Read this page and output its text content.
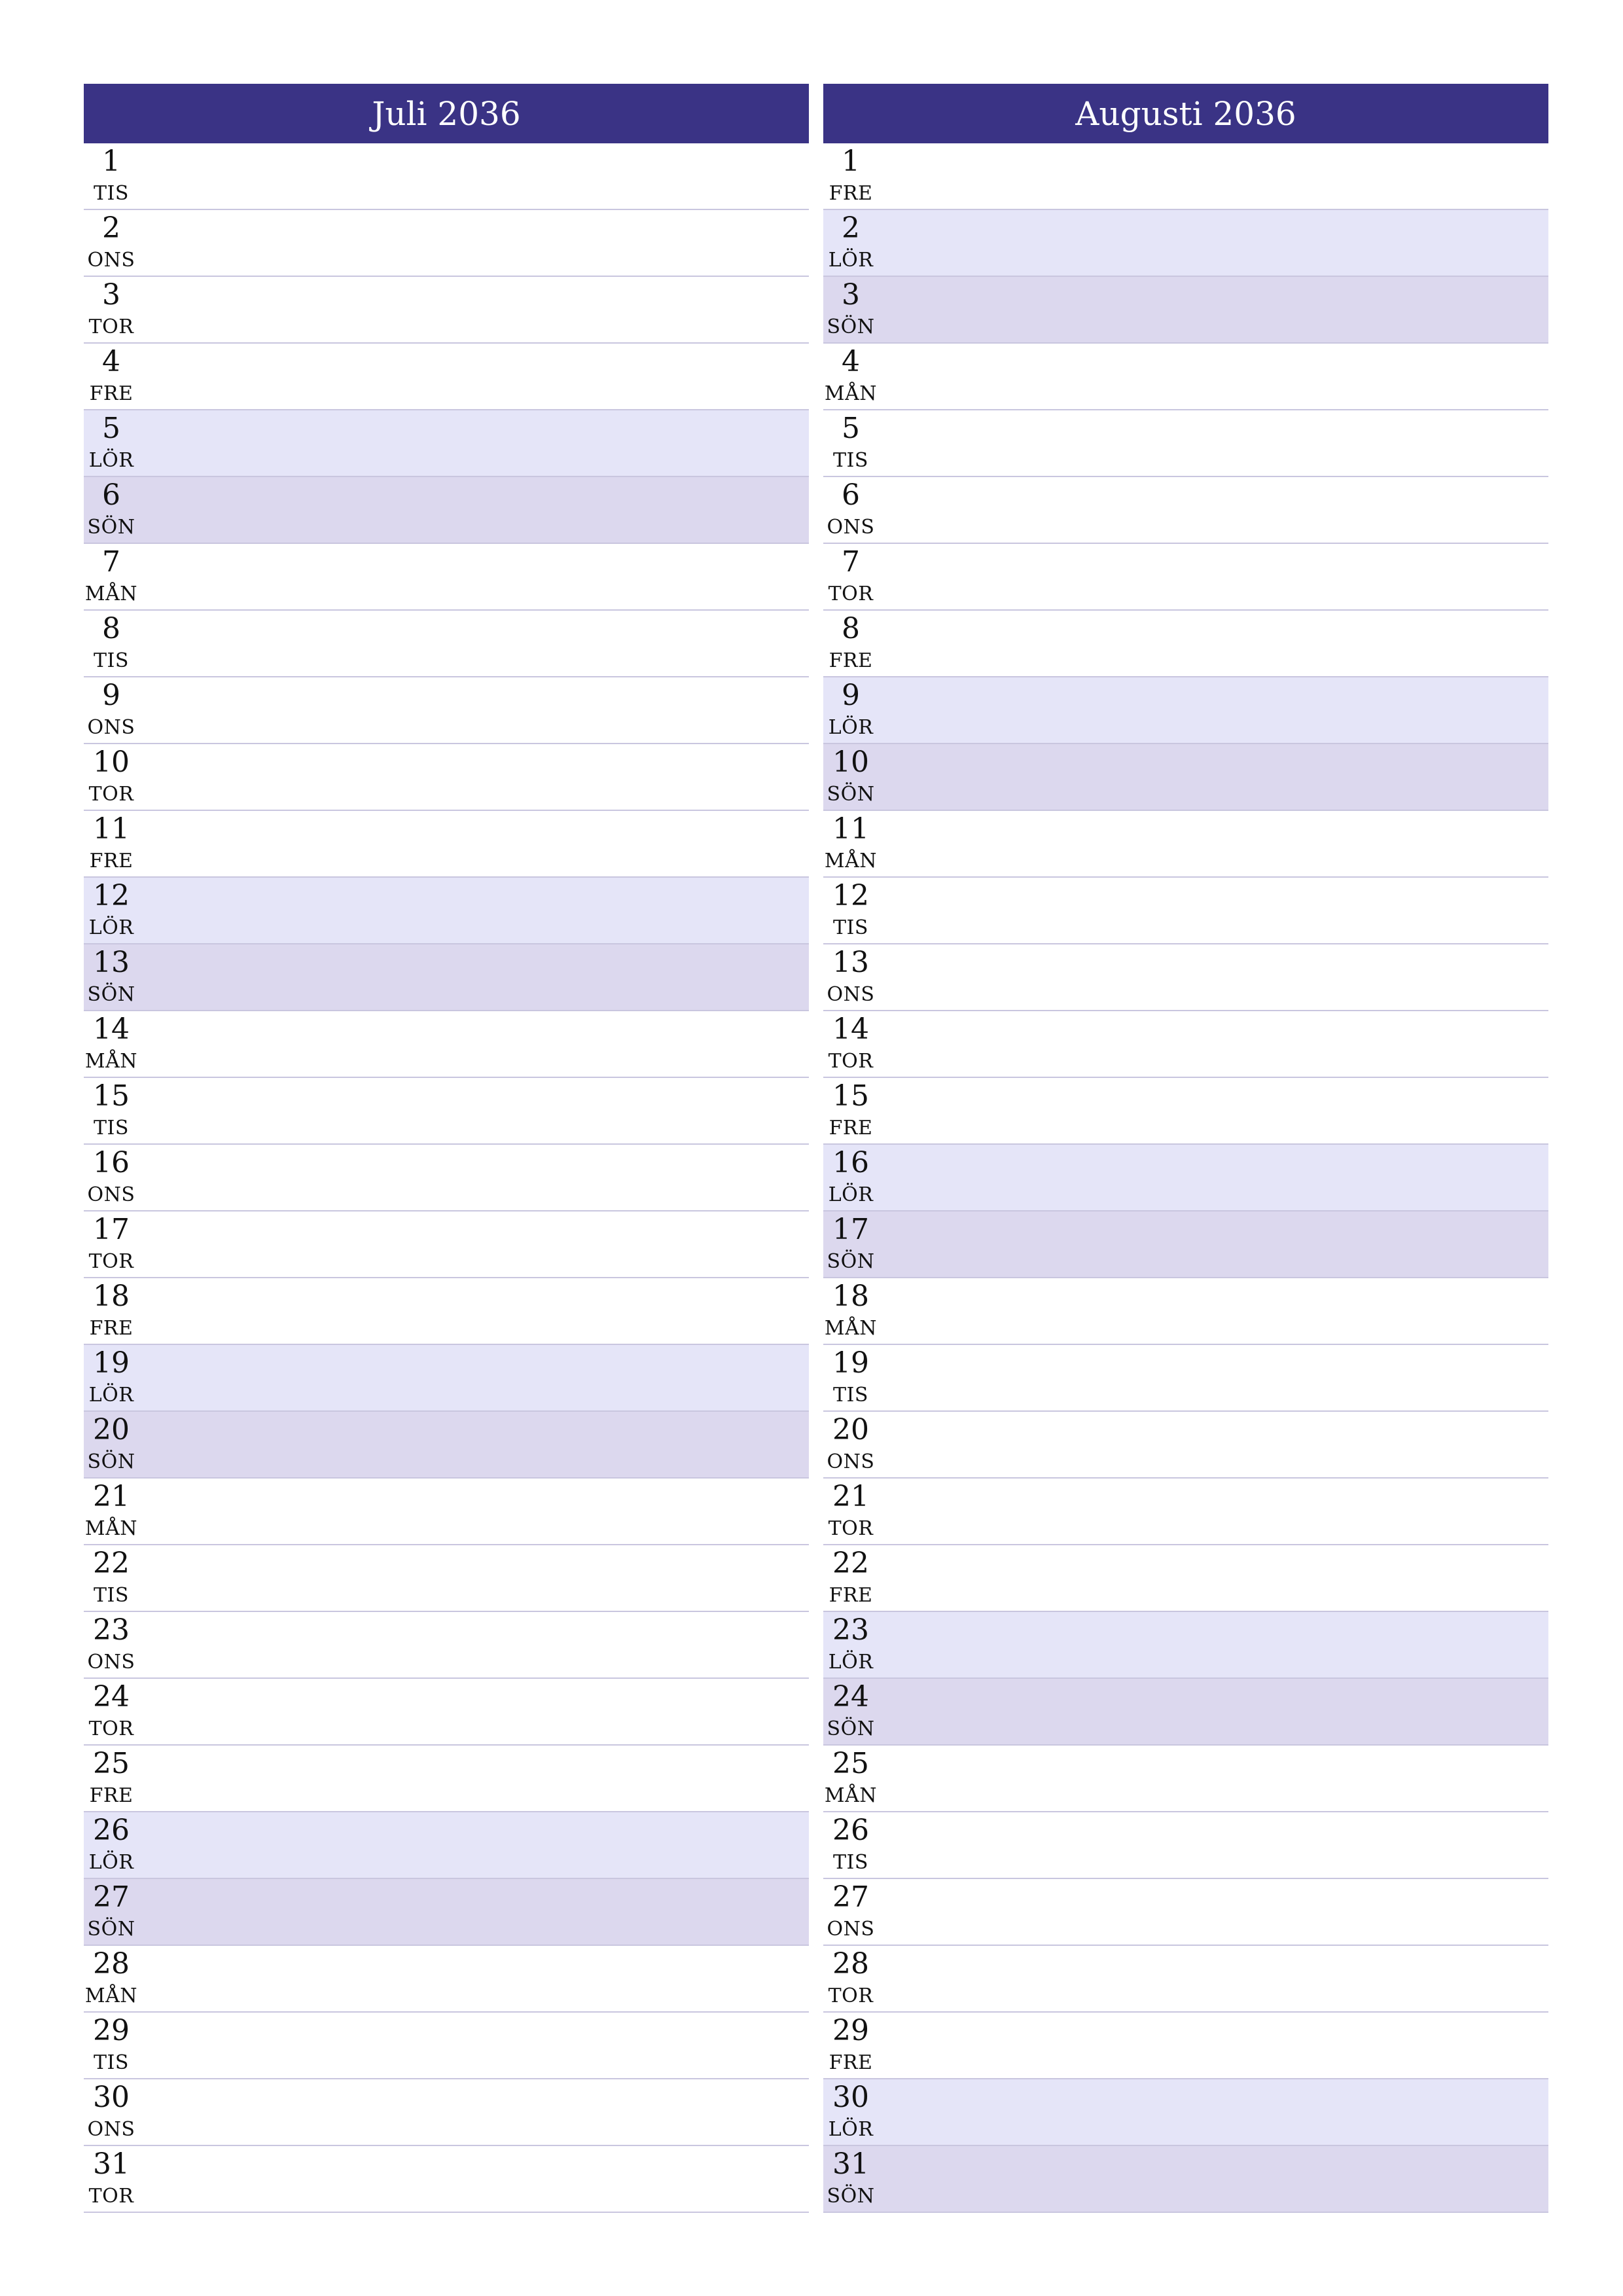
Juli 2036
1
TIS
2
ONS
3
TOR
4
FRE
5
LÖR
6
SÖN
7
MÅN
8
TIS
9
ONS
10
TOR
11
FRE
12
LÖR
13
SÖN
14
MÅN
15
TIS
16
ONS
17
TOR
18
FRE
19
LÖR
20
SÖN
21
MÅN
22
TIS
23
ONS
24
TOR
25
FRE
26
LÖR
27
SÖN
28
MÅN
29
TIS
30
ONS
31
TOR
Augusti 2036
1
FRE
2
LÖR
3
SÖN
4
MÅN
5
TIS
6
ONS
7
TOR
8
FRE
9
LÖR
10
SÖN
11
MÅN
12
TIS
13
ONS
14
TOR
15
FRE
16
LÖR
17
SÖN
18
MÅN
19
TIS
20
ONS
21
TOR
22
FRE
23
LÖR
24
SÖN
25
MÅN
26
TIS
27
ONS
28
TOR
29
FRE
30
LÖR
31
SÖN
